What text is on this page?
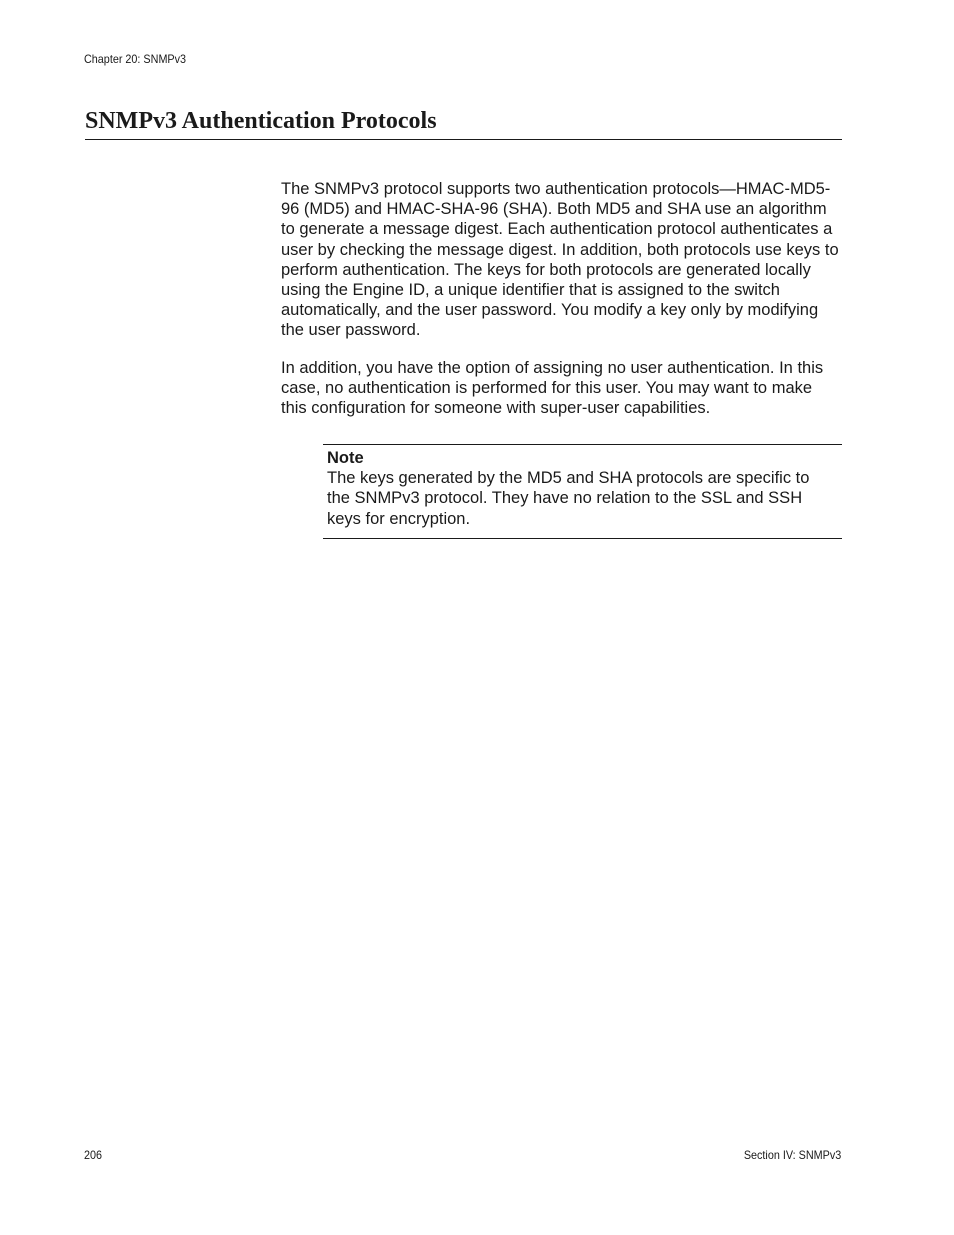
Chapter 20: SNMPv3
SNMPv3 Authentication Protocols

The SNMPv3 protocol supports two authentication protocols—HMAC-MD5-96 (MD5) and HMAC-SHA-96 (SHA). Both MD5 and SHA use an algorithm to generate a message digest. Each authentication protocol authenticates a user by checking the message digest. In addition, both protocols use keys to perform authentication. The keys for both protocols are generated locally using the Engine ID, a unique identifier that is assigned to the switch automatically, and the user password. You modify a key only by modifying the user password.

In addition, you have the option of assigning no user authentication. In this case, no authentication is performed for this user. You may want to make this configuration for someone with super-user capabilities.

Note

The keys generated by the MD5 and SHA protocols are specific to the SNMPv3 protocol. They have no relation to the SSL and SSH keys for encryption.

206	Section IV: SNMPv3
